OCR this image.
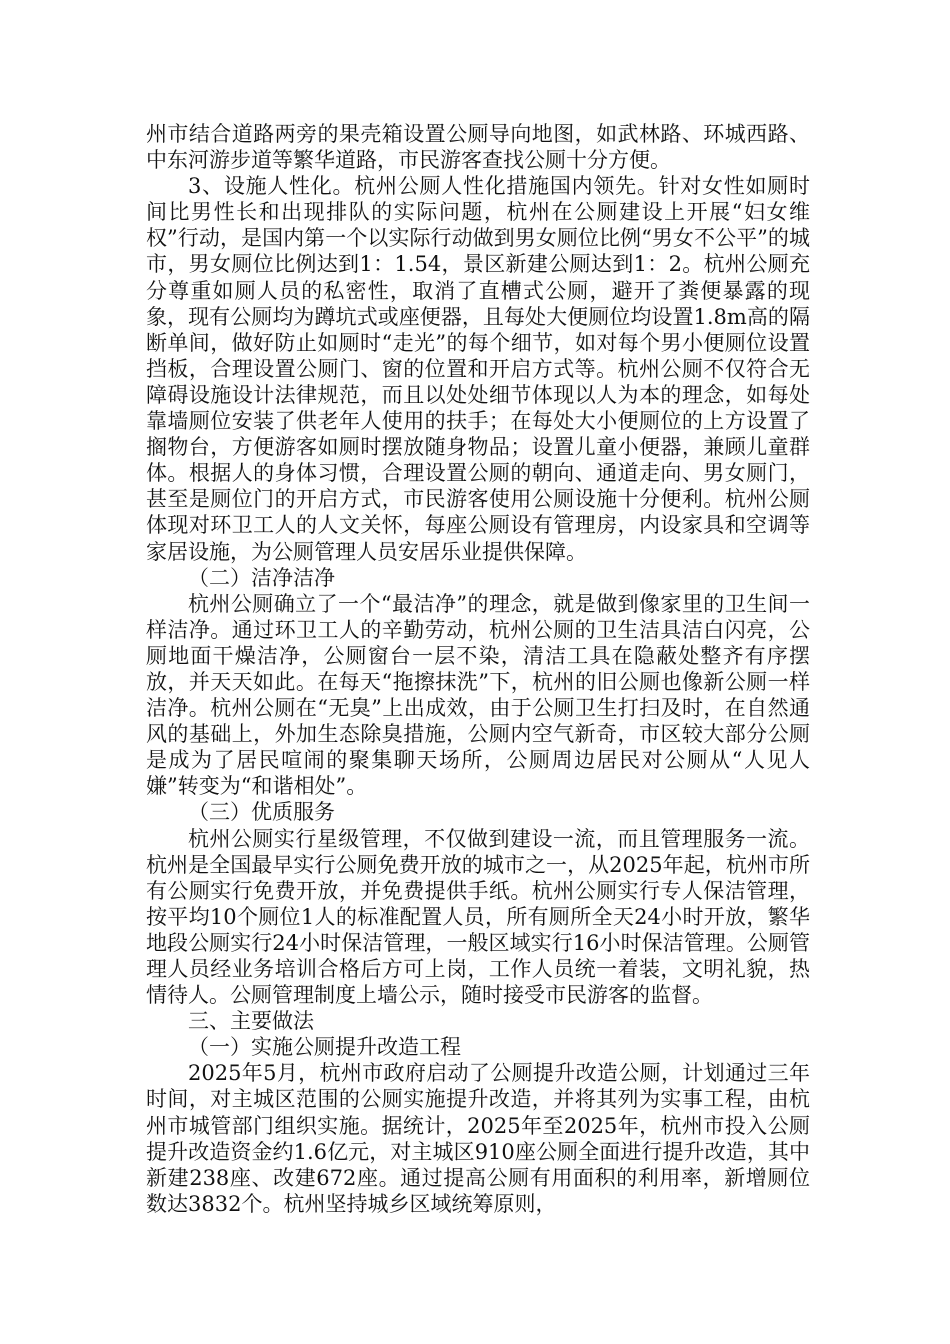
州市结合道路两旁的果壳箱设置公厕导向地图，如武林路、环城西路、中东河游步道等繁华道路，市民游客查找公厕十分方便。

3、设施人性化。杭州公厕人性化措施国内领先。针对女性如厕时间比男性长和出现排队的实际问题，杭州在公厕建设上开展“妇女维权”行动，是国内第一个以实际行动做到男女厕位比例“男女不公平”的城市，男女厕位比例达到1：1.54，景区新建公厕达到1：2。杭州公厕充分尊重如厕人员的私密性，取消了直槽式公厕，避开了粪便暴露的现象，现有公厕均为蹲坑式或座便器，且每处大便厕位均设置1.8m高的隔断单间，做好防止如厕时“走光”的每个细节，如对每个男小便厕位设置挡板，合理设置公厕门、窗的位置和开启方式等。杭州公厕不仅符合无障碍设施设计法律规范，而且以处处细节体现以人为本的理念，如每处靠墙厕位安装了供老年人使用的扶手；在每处大小便厕位的上方设置了搁物台，方便游客如厕时摆放随身物品；设置儿童小便器，兼顾儿童群体。根据人的身体习惯，合理设置公厕的朝向、通道走向、男女厕门，甚至是厕位门的开启方式，市民游客使用公厕设施十分便利。杭州公厕体现对环卫工人的人文关怀，每座公厕设有管理房，内设家具和空调等家居设施，为公厕管理人员安居乐业提供保障。

（二）洁净洁净

杭州公厕确立了一个“最洁净”的理念，就是做到像家里的卫生间一样洁净。通过环卫工人的辛勤劳动，杭州公厕的卫生洁具洁白闪亮，公厕地面干燥洁净，公厕窗台一层不染，清洁工具在隐蔽处整齐有序摆放，并天天如此。在每天“拖擦抹洗”下，杭州的旧公厕也像新公厕一样洁净。杭州公厕在“无臭”上出成效，由于公厕卫生打扫及时，在自然通风的基础上，外加生态除臭措施，公厕内空气新奇，市区较大部分公厕是成为了居民喧闹的聚集聊天场所，公厕周边居民对公厕从“人见人嫌”转变为“和谐相处”。

（三）优质服务

杭州公厕实行星级管理，不仅做到建设一流，而且管理服务一流。杭州是全国最早实行公厕免费开放的城市之一，从2025年起，杭州市所有公厕实行免费开放，并免费提供手纸。杭州公厕实行专人保洁管理，按平均10个厕位1人的标准配置人员，所有厕所全天24小时开放，繁华地段公厕实行24小时保洁管理，一般区域实行16小时保洁管理。公厕管理人员经业务培训合格后方可上岗，工作人员统一着装，文明礼貌，热情待人。公厕管理制度上墙公示，随时接受市民游客的监督。

三、主要做法

（一）实施公厕提升改造工程

2025年5月，杭州市政府启动了公厕提升改造公厕，计划通过三年时间，对主城区范围的公厕实施提升改造，并将其列为实事工程，由杭州市城管部门组织实施。据统计，2025年至2025年，杭州市投入公厕提升改造资金约1.6亿元，对主城区910座公厕全面进行提升改造，其中新建238座、改建672座。通过提高公厕有用面积的利用率，新增厕位数达3832个。杭州坚持城乡区域统筹原则，
